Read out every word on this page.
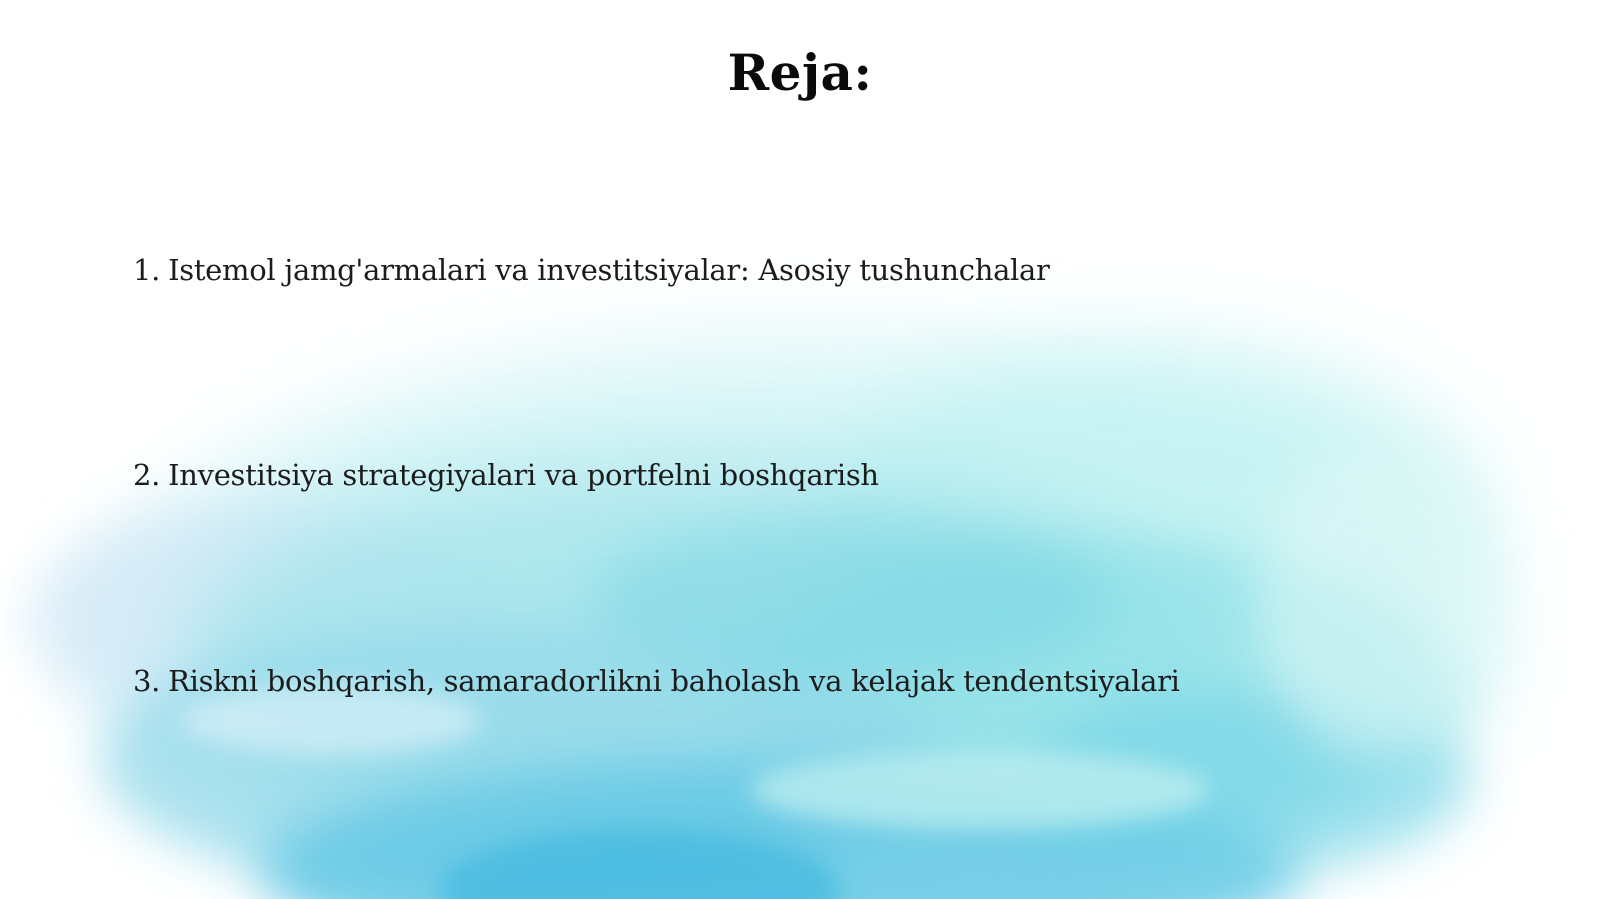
Reja:
1. Istemol jamg'armalari va investitsiyalar: Asosiy tushunchalar
2. Investitsiya strategiyalari va portfelni boshqarish
3. Riskni boshqarish, samaradorlikni baholash va kelajak tendentsiyalari
